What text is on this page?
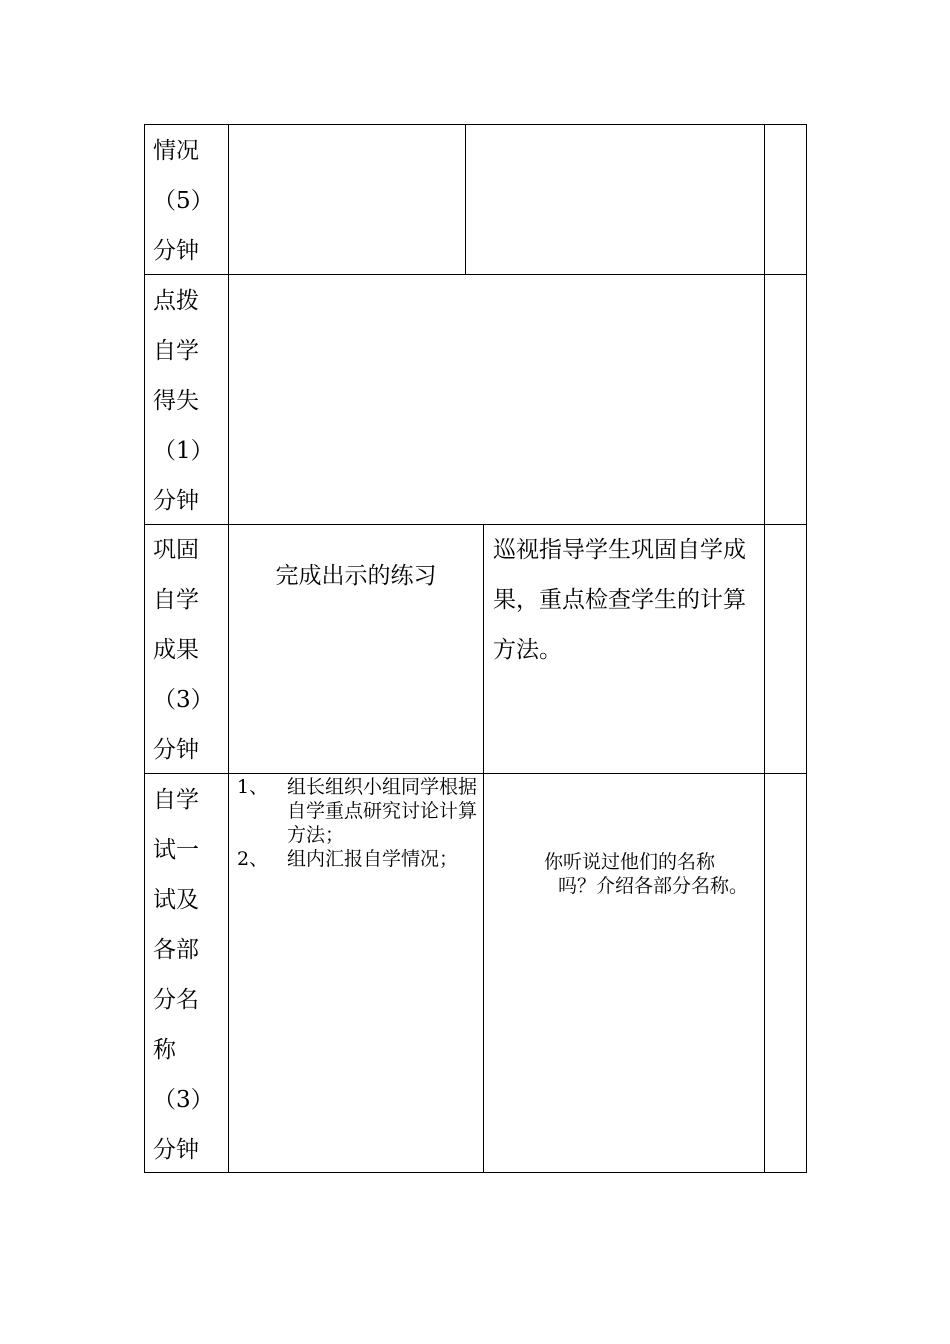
情况
（5）
分钟
点拨
自学
得失
（1）
分钟
巩固
自学
成果
（3）
分钟
完成出示的练习
巡视指导学生巩固自学成果，重点检查学生的计算方法。
自学
试一
试及
各部
分名
称
（3）
分钟
1、 组长组织小组同学根据自学重点研究讨论计算方法；
2、 组内汇报自学情况；	你听说过他们的名称吗？介绍各部分名称。
